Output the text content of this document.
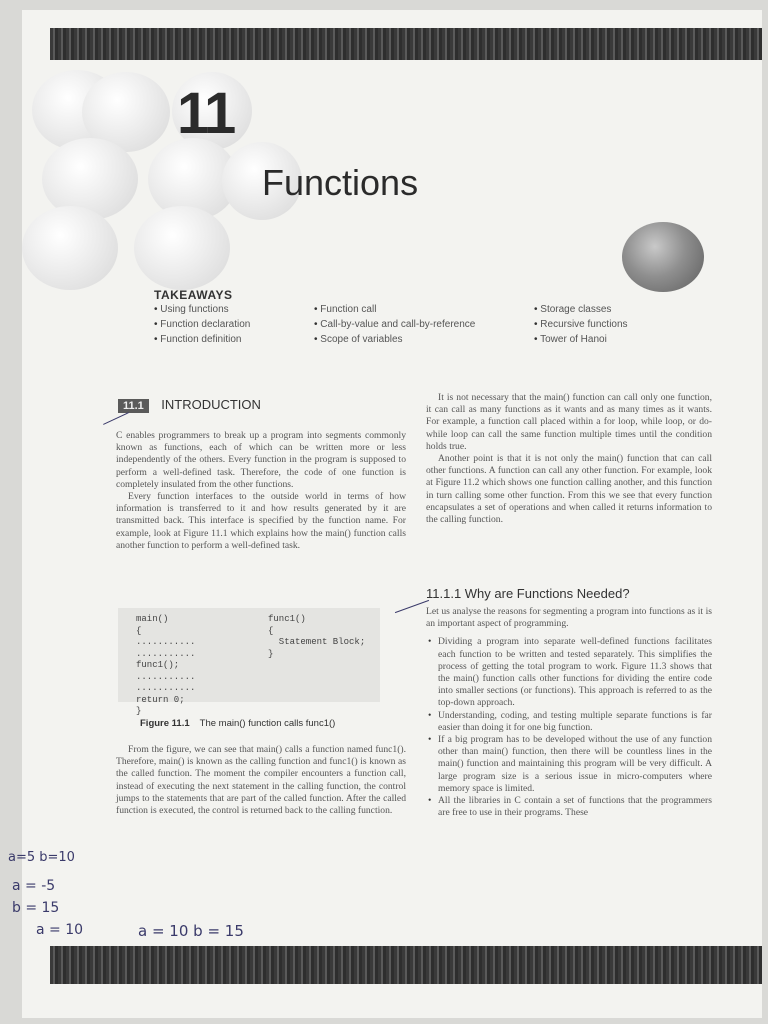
11
Functions
TAKEAWAYS
• Using functions
• Function declaration
• Function definition
• Function call
• Call-by-value and call-by-reference
• Scope of variables
• Storage classes
• Recursive functions
• Tower of Hanoi
11.1 INTRODUCTION

C enables programmers to break up a program into segments commonly known as functions, each of which can be written more or less independently of the others. Every function in the program is supposed to perform a well-defined task. Therefore, the code of one function is completely insulated from the other functions.

Every function interfaces to the outside world in terms of how information is transferred to it and how results generated by it are transmitted back. This interface is specified by the function name. For example, look at Figure 11.1 which explains how the main() function calls another function to perform a well-defined task.

main()
{
...........
...........
func1();
...........
...........
return 0;
}
func1()
{
Statement Block;
}
Figure 11.1 The main() function calls func1()

From the figure, we can see that main() calls a function named func1(). Therefore, main() is known as the calling function and func1() is known as the called function. The moment the compiler encounters a function call, instead of executing the next statement in the calling function, the control jumps to the statements that are part of the called function. After the called function is executed, the control is returned back to the calling function.

It is not necessary that the main() function can call only one function, it can call as many functions as it wants and as many times as it wants. For example, a function call placed within a for loop, while loop, or do-while loop can call the same function multiple times until the condition holds true.

Another point is that it is not only the main() function that can call other functions. A function can call any other function. For example, look at Figure 11.2 which shows one function calling another, and this function in turn calling some other function. From this we see that every function encapsulates a set of operations and when called it returns information to the calling function.

11.1.1 Why are Functions Needed?

Let us analyse the reasons for segmenting a program into functions as it is an important aspect of programming.

• Dividing a program into separate well-defined functions facilitates each function to be written and tested separately. This simplifies the process of getting the total program to work. Figure 11.3 shows that the main() function calls other functions for dividing the entire code into smaller sections (or functions). This approach is referred to as the top-down approach.
• Understanding, coding, and testing multiple separate functions is far easier than doing it for one big function.
• If a big program has to be developed without the use of any function other than main() function, then there will be countless lines in the main() function and maintaining this program will be very difficult. A large program size is a serious issue in micro-computers where memory space is limited.
• All the libraries in C contain a set of functions that the programmers are free to use in their programs. These
a=5 b=10
a = -5
b = 15
a = 10	a = 10 b = 15
